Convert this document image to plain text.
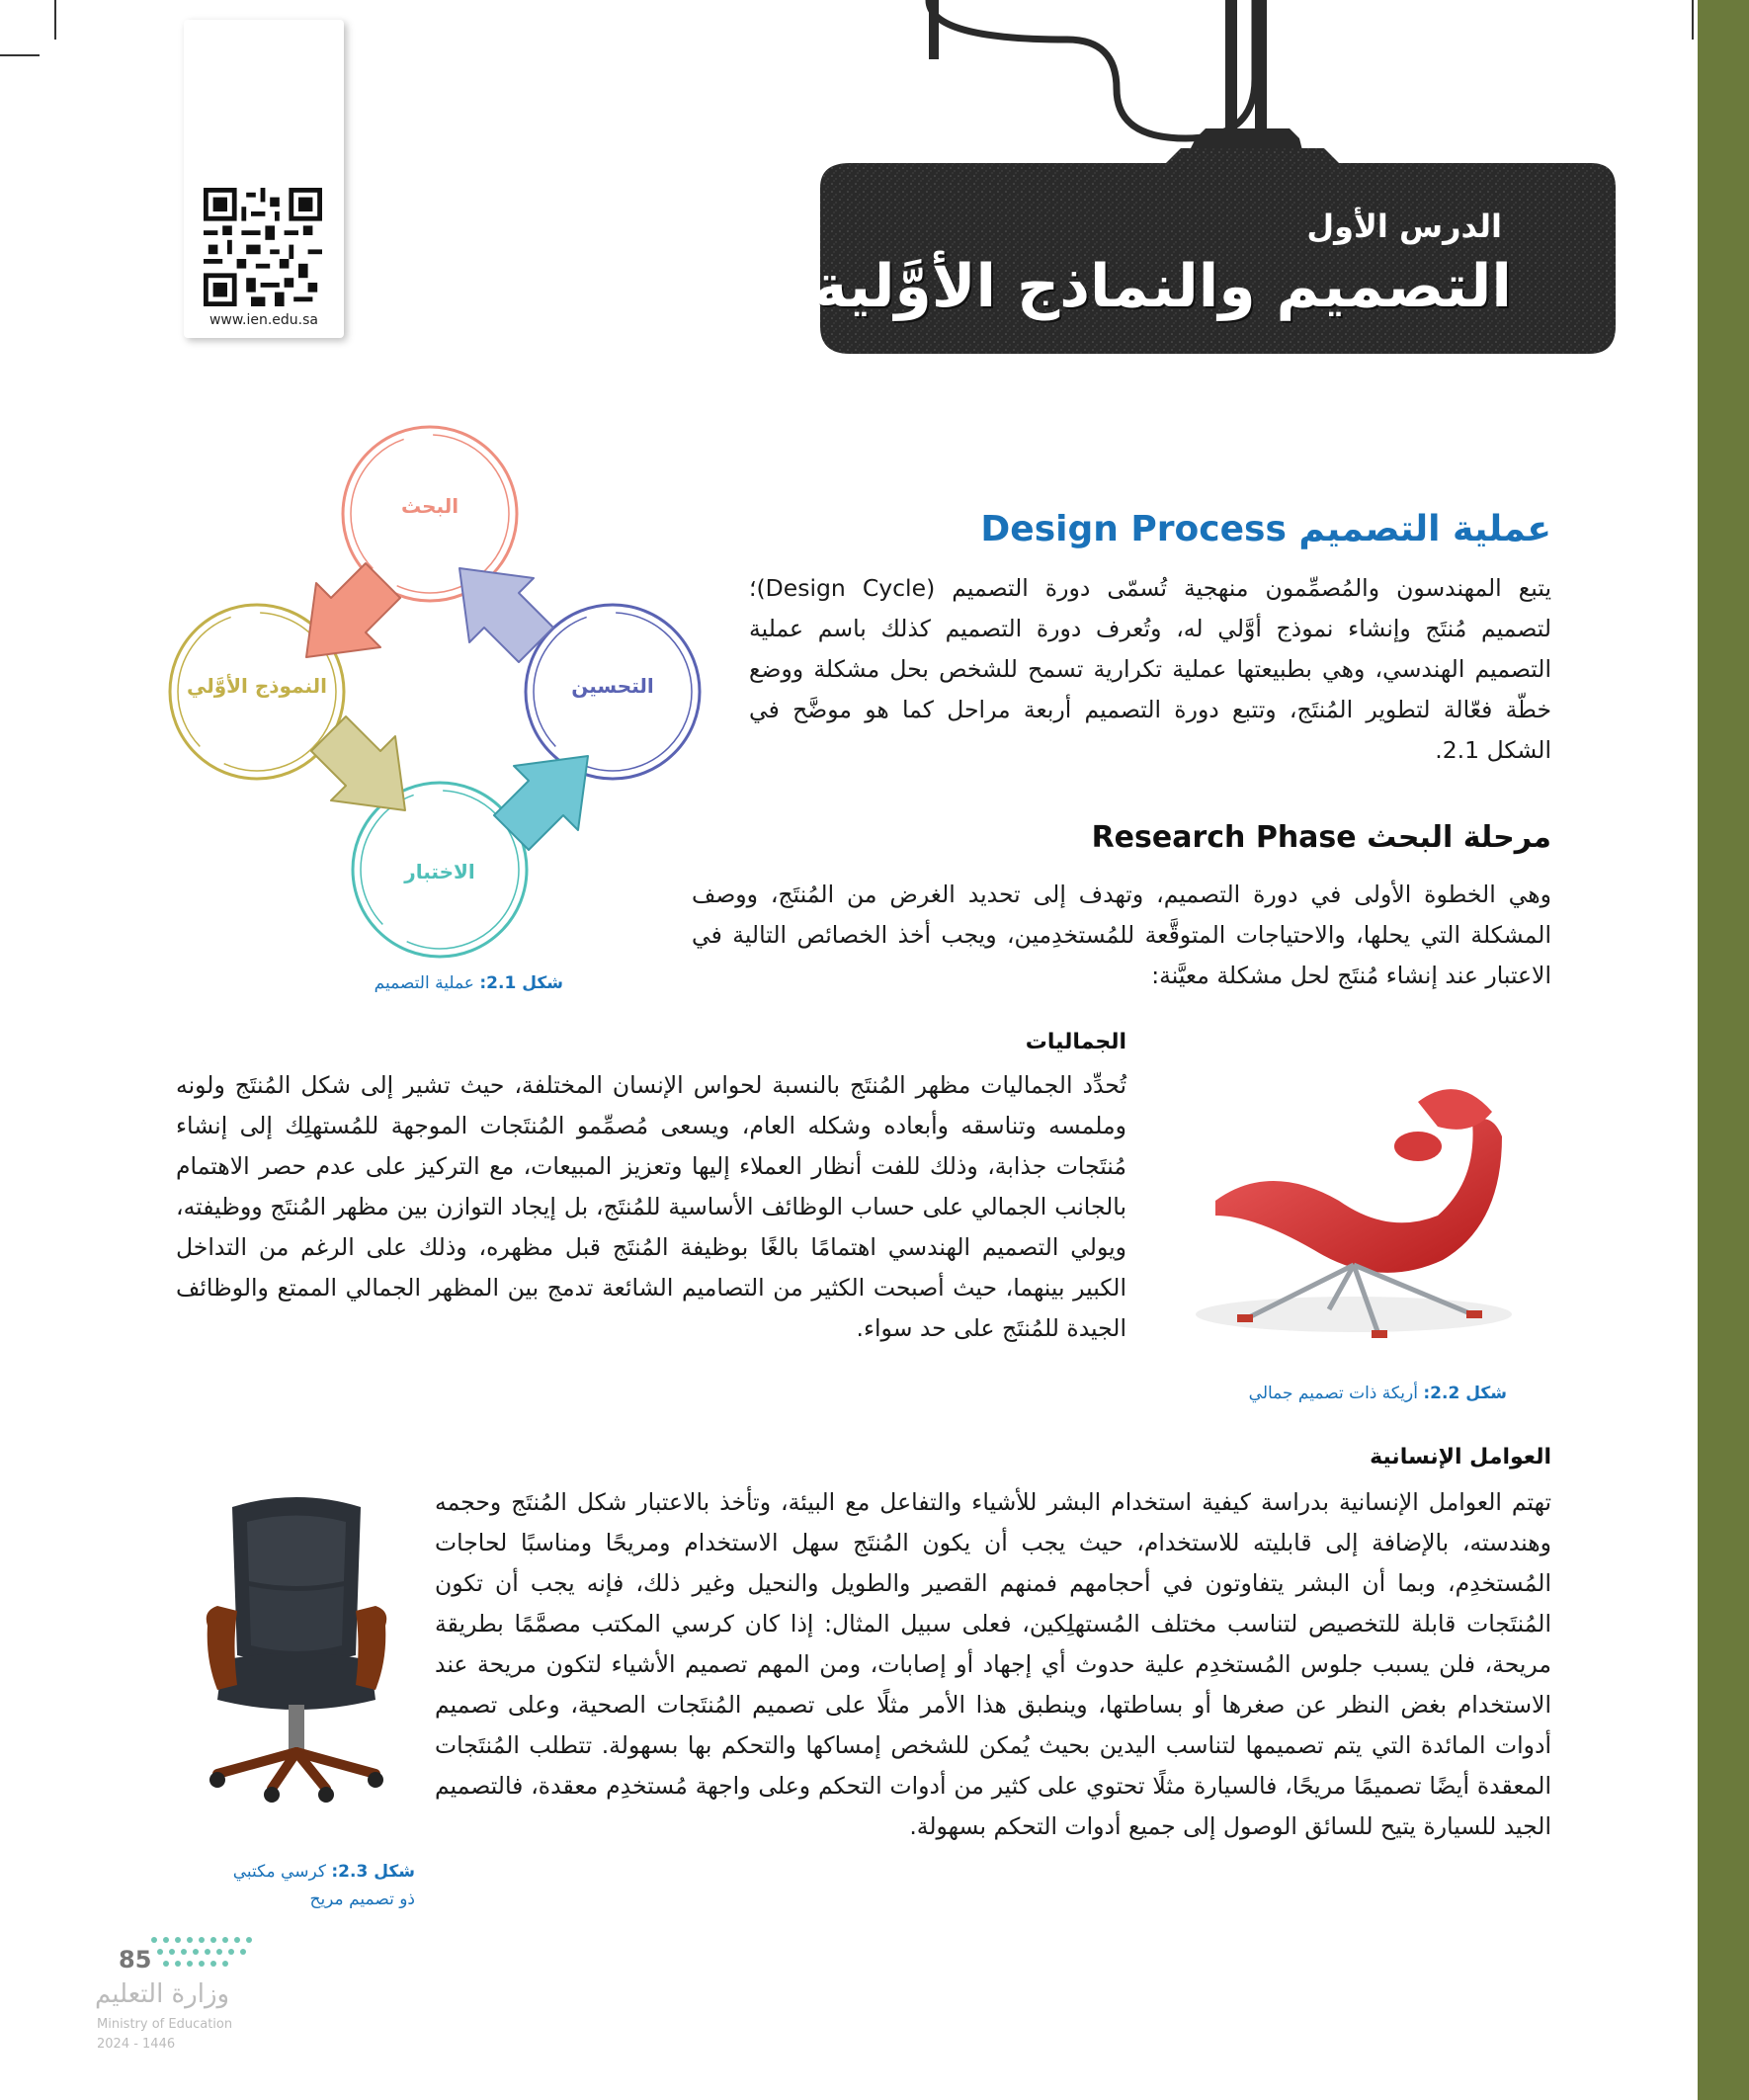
www.ien.edu.sa
الدرس الأول
التصميم والنماذج الأوَّلية
البحث
التحسين
الاختبار
النموذج الأوَّلي
شكل 2.1: عملية التصميم
عملية التصميم Design Process
يتبع المهندسون والمُصمِّمون منهجية تُسمّى دورة التصميم (Design Cycle)؛ لتصميم مُنتَج وإنشاء نموذج أوَّلي له، وتُعرف دورة التصميم كذلك باسم عملية التصميم الهندسي، وهي بطبيعتها عملية تكرارية تسمح للشخص بحل مشكلة ووضع خطّة فعّالة لتطوير المُنتَج، وتتبع دورة التصميم أربعة مراحل كما هو موضَّح في الشكل 2.1.
مرحلة البحث Research Phase
وهي الخطوة الأولى في دورة التصميم، وتهدف إلى تحديد الغرض من المُنتَج، ووصف المشكلة التي يحلها، والاحتياجات المتوقَّعة للمُستخدِمين، ويجب أخذ الخصائص التالية في الاعتبار عند إنشاء مُنتَج لحل مشكلة معيَّنة:
الجماليات
تُحدِّد الجماليات مظهر المُنتَج بالنسبة لحواس الإنسان المختلفة، حيث تشير إلى شكل المُنتَج ولونه وملمسه وتناسقه وأبعاده وشكله العام، ويسعى مُصمِّمو المُنتَجات الموجهة للمُستهلِك إلى إنشاء مُنتَجات جذابة، وذلك للفت أنظار العملاء إليها وتعزيز المبيعات، مع التركيز على عدم حصر الاهتمام بالجانب الجمالي على حساب الوظائف الأساسية للمُنتَج، بل إيجاد التوازن بين مظهر المُنتَج ووظيفته، ويولي التصميم الهندسي اهتمامًا بالغًا بوظيفة المُنتَج قبل مظهره، وذلك على الرغم من التداخل الكبير بينهما، حيث أصبحت الكثير من التصاميم الشائعة تدمج بين المظهر الجمالي الممتع والوظائف الجيدة للمُنتَج على حد سواء.
شكل 2.2: أريكة ذات تصميم جمالي
العوامل الإنسانية
تهتم العوامل الإنسانية بدراسة كيفية استخدام البشر للأشياء والتفاعل مع البيئة، وتأخذ بالاعتبار شكل المُنتَج وحجمه وهندسته، بالإضافة إلى قابليته للاستخدام، حيث يجب أن يكون المُنتَج سهل الاستخدام ومريحًا ومناسبًا لحاجات المُستخدِم، وبما أن البشر يتفاوتون في أحجامهم فمنهم القصير والطويل والنحيل وغير ذلك، فإنه يجب أن تكون المُنتَجات قابلة للتخصيص لتناسب مختلف المُستهلِكين، فعلى سبيل المثال: إذا كان كرسي المكتب مصمَّمًا بطريقة مريحة، فلن يسبب جلوس المُستخدِم علية حدوث أي إجهاد أو إصابات، ومن المهم تصميم الأشياء لتكون مريحة عند الاستخدام بغض النظر عن صغرها أو بساطتها، وينطبق هذا الأمر مثلًا على تصميم المُنتَجات الصحية، وعلى تصميم أدوات المائدة التي يتم تصميمها لتناسب اليدين بحيث يُمكن للشخص إمساكها والتحكم بها بسهولة. تتطلب المُنتَجات المعقدة أيضًا تصميمًا مريحًا، فالسيارة مثلًا تحتوي على كثير من أدوات التحكم وعلى واجهة مُستخدِم معقدة، فالتصميم الجيد للسيارة يتيح للسائق الوصول إلى جميع أدوات التحكم بسهولة.
شكل 2.3: كرسي مكتبي
ذو تصميم مريح
85
وزارة التعليم
Ministry of Education
2024 - 1446
